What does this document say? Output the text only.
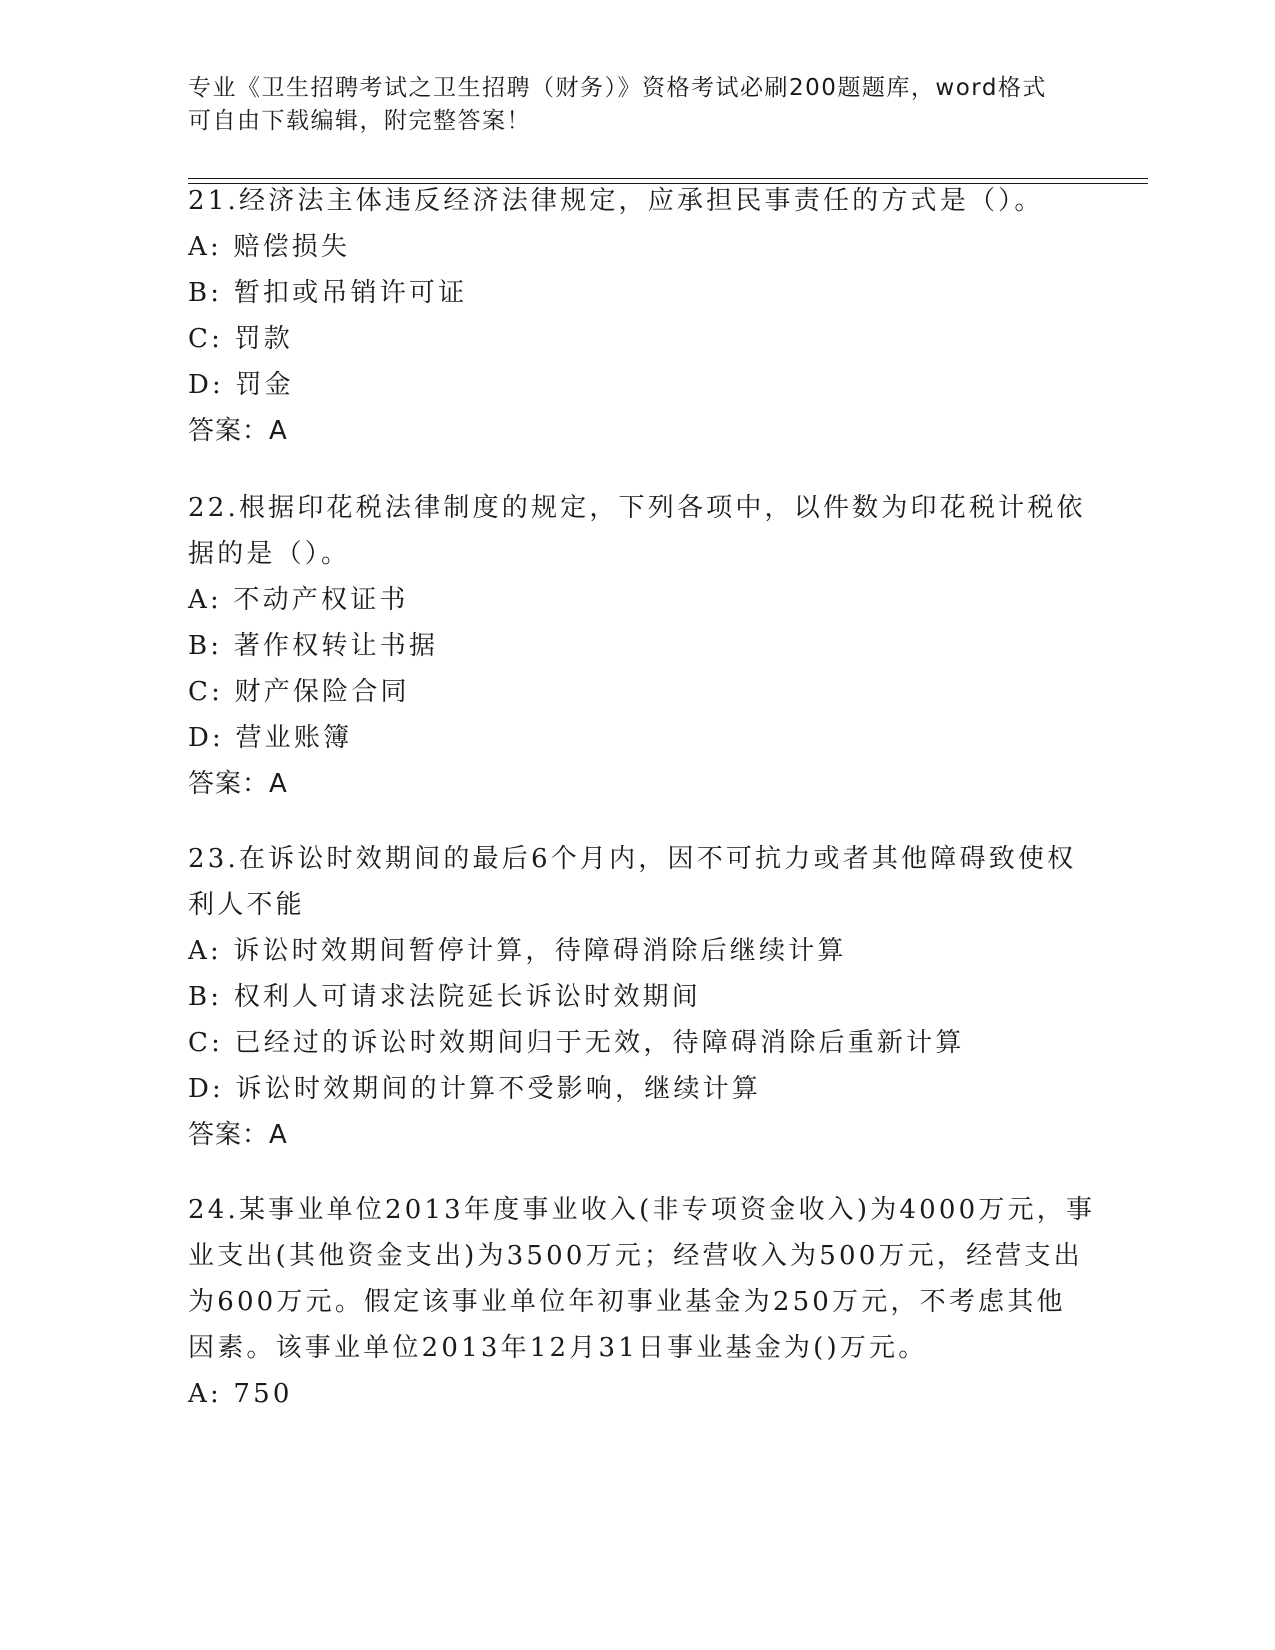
专业《卫生招聘考试之卫生招聘（财务）》资格考试必刷200题题库，word格式
可自由下载编辑，附完整答案！
21.经济法主体违反经济法律规定，应承担民事责任的方式是（）。
A: 赔偿损失
B: 暂扣或吊销许可证
C: 罚款
D: 罚金
答案：A
22.根据印花税法律制度的规定，下列各项中，以件数为印花税计税依
据的是（）。
A: 不动产权证书
B: 著作权转让书据
C: 财产保险合同
D: 营业账簿
答案：A
23.在诉讼时效期间的最后6个月内，因不可抗力或者其他障碍致使权
利人不能
A: 诉讼时效期间暂停计算，待障碍消除后继续计算
B: 权利人可请求法院延长诉讼时效期间
C: 已经过的诉讼时效期间归于无效，待障碍消除后重新计算
D: 诉讼时效期间的计算不受影响，继续计算
答案：A
24.某事业单位2013年度事业收入(非专项资金收入)为4000万元，事
业支出(其他资金支出)为3500万元；经营收入为500万元，经营支出
为600万元。假定该事业单位年初事业基金为250万元，不考虑其他
因素。该事业单位2013年12月31日事业基金为()万元。
A: 750
